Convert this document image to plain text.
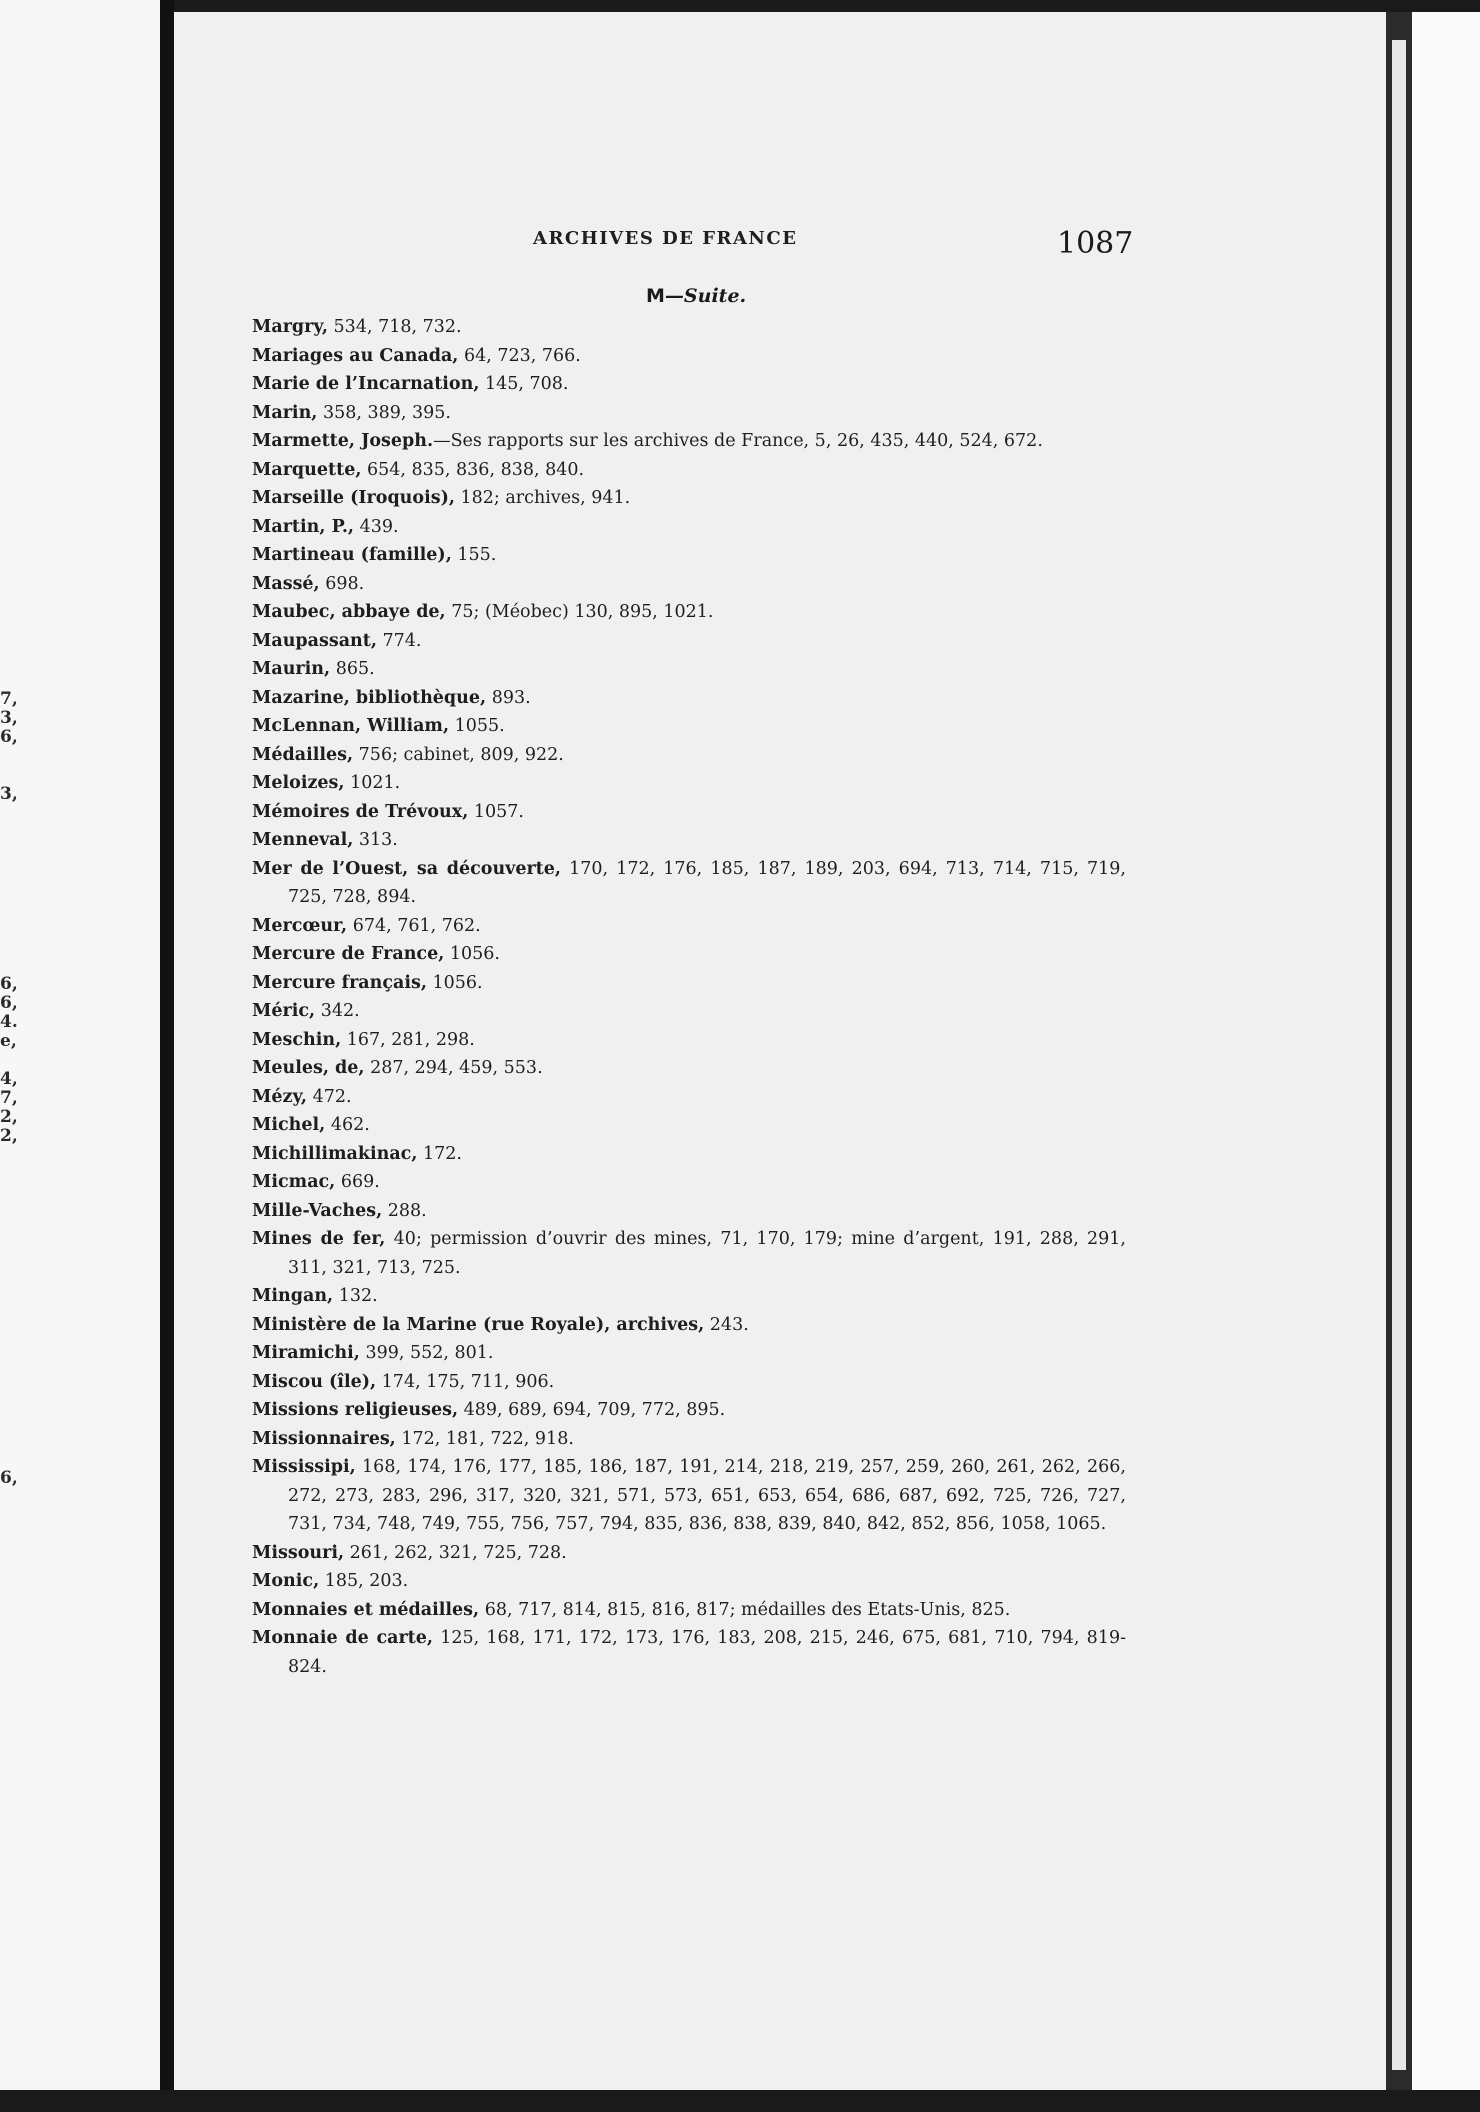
7,
3,
6,
3,
6,
6,
4.
e,
4,
7,
2,
2,
6,
ARCHIVES DE FRANCE	1087
M—Suite.
Margry, 534, 718, 732.
Mariages au Canada, 64, 723, 766.
Marie de l’Incarnation, 145, 708.
Marin, 358, 389, 395.
Marmette, Joseph.—Ses rapports sur les archives de France, 5, 26, 435, 440, 524, 672.
Marquette, 654, 835, 836, 838, 840.
Marseille (Iroquois), 182; archives, 941.
Martin, P., 439.
Martineau (famille), 155.
Massé, 698.
Maubec, abbaye de, 75; (Méobec) 130, 895, 1021.
Maupassant, 774.
Maurin, 865.
Mazarine, bibliothèque, 893.
McLennan, William, 1055.
Médailles, 756; cabinet, 809, 922.
Meloizes, 1021.
Mémoires de Trévoux, 1057.
Menneval, 313.
Mer de l’Ouest, sa découverte, 170, 172, 176, 185, 187, 189, 203, 694, 713, 714, 715, 719, 725, 728, 894.
Mercœur, 674, 761, 762.
Mercure de France, 1056.
Mercure français, 1056.
Méric, 342.
Meschin, 167, 281, 298.
Meules, de, 287, 294, 459, 553.
Mézy, 472.
Michel, 462.
Michillimakinac, 172.
Micmac, 669.
Mille-Vaches, 288.
Mines de fer, 40; permission d’ouvrir des mines, 71, 170, 179; mine d’argent, 191, 288, 291, 311, 321, 713, 725.
Mingan, 132.
Ministère de la Marine (rue Royale), archives, 243.
Miramichi, 399, 552, 801.
Miscou (île), 174, 175, 711, 906.
Missions religieuses, 489, 689, 694, 709, 772, 895.
Missionnaires, 172, 181, 722, 918.
Mississipi, 168, 174, 176, 177, 185, 186, 187, 191, 214, 218, 219, 257, 259, 260, 261, 262, 266, 272, 273, 283, 296, 317, 320, 321, 571, 573, 651, 653, 654, 686, 687, 692, 725, 726, 727, 731, 734, 748, 749, 755, 756, 757, 794, 835, 836, 838, 839, 840, 842, 852, 856, 1058, 1065.
Missouri, 261, 262, 321, 725, 728.
Monic, 185, 203.
Monnaies et médailles, 68, 717, 814, 815, 816, 817; médailles des Etats-Unis, 825.
Monnaie de carte, 125, 168, 171, 172, 173, 176, 183, 208, 215, 246, 675, 681, 710, 794, 819-824.
